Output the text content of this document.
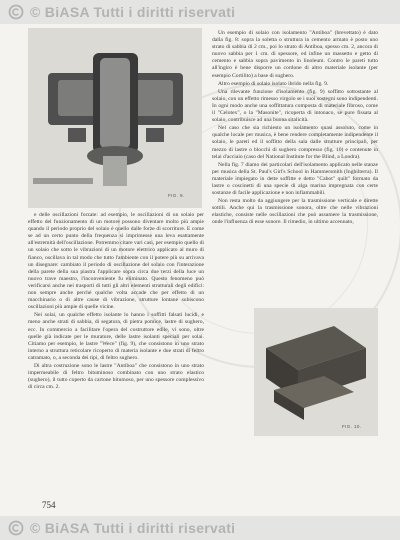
© BiASA Tutti i diritti riservati
FIG. 9.
FIG. 10.

Un esempio di solaio con isolamento "Antiboa" (brevettato) è dato dalla fig. 8: sopra la soletta o struttura in cemento armato è posto uno strato di sabbia di 2 cm., poi lo strato di Antiboa, spesso cm. 2, ancora di nuovo sabbia per 1 cm. di spessore, ed infine un massetto e getto di cemento e sabbia sopra pavimento in linoleum. Contro le pareti tutto all'ingiro è bene disporre un cordone di altro materiale isolante (per esempio Cortilito) a base di sughero.

Altro esempio di solaio isolato ibrido nella fig. 9.

Una rilevante funzione d'isolamento (fig. 9) soffitto sottostante al solaio, con un effetto rimesso virgolo se i suoi sostegni sono indipendenti. In ogni modo anche una soffittatura composta di materiale fibroso, come il "Celotex", o la "Masonite", ricoperta di intonaco, se pure fissata al solaio, contribuisce ad una buona sitalicità.

Nel caso che sia richiesto un isolamento quasi assoluto, come in qualche locale per musica, è bene rendere completamente indipendente il solaio, le pareti ed il soffitto della sala dalle strutture principali, per mezzo di lastre o blocchi di sughero compresso (fig. 10) e contenute in telai d'acciaio (caso del National Institute for the Blind, a Londra).

Nella fig. 7 diamo dei particolari dell'isolamento applicato nelle stanze per musica della St. Paul's Girl's School in Hammersmith (Inghilterra). Il materiale impiegato in dette soffitte e detto "Cabot" quilt" formato da lastre o coscinetti di una specie di alga marina impregnata con certe sostanze di facile applicazione e non infiammabili.

Non resta molto da aggiungere per la trasmissione verticale e dirette sottili. Anche qui la trasmissione sonora, oltre che nelle vibrazioni elastiche, consiste nelle oscillazioni che può assumere la trasmissione, onde l'influenza di esse sonore. Il rimedio, in ultimo accennato,

e delle oscillazioni forzate: ad esempio, le oscillazioni di un solaio per effetto del funzionamento di un motore possono diventare molto più ampie quando il periodo proprio del solaio è quello dalle forze di scorriture. E come se ad un certo punto della frequenza si imprimesse una leva esattamente all'estremità dell'oscillazione. Potremmo citare vari casi, per esempio quello di un solaio che sotto le vibrazioni di un motore elettrico applicato al muro di fianco, oscillava in tal modo che tutto l'ambiente con il potere più su arrivava un disegnare: cambiato il periodo di oscillazione del solaio con l'interazione della parete della sua piastra l'applicare sopra circa due terzi della luce un nuovo trave maestro, l'inconveniente fu eliminato. Questo fenomeno può verificarsi anche nei trasporti di tutti gli altri elementi strutturali degli edifici: non sempre anche perché qualche volta accade che per effetto di un macchinario o di altre cause di vibrazione, strutture lontane subiscono oscillazioni più ampie di quelle vicine.

Nei solai, un qualche effetto isolante lo hanno i soffitti falsati lucidi, e meno anche strati di sabbia, di segatura, di pietra pomice, lastre di sughero, ecc. In commercio a facilitare l'opera del costruttore edile, vi sono, oltre quelle già indicate per le murature, delle lastre isolanti speciali per solai. Citiamo per esempio, le lastre "Wece" (fig. 9), che consistono in uno strato interno a struttura reticolare ricoperto di materia isolante e due strati di feltro catramato, o, a seconda dei tipi, di feltro sughero.

Di altra costruzione sono le lastre "Antiboa" che consistono in uno strato impermeabile di feltro bituminoso combinato con uno strato elastico (sughero), il tutto coperto da cartone bitumoso, per uno spessore complessivo di circa cm. 2.

754
© BiASA Tutti i diritti riservati
